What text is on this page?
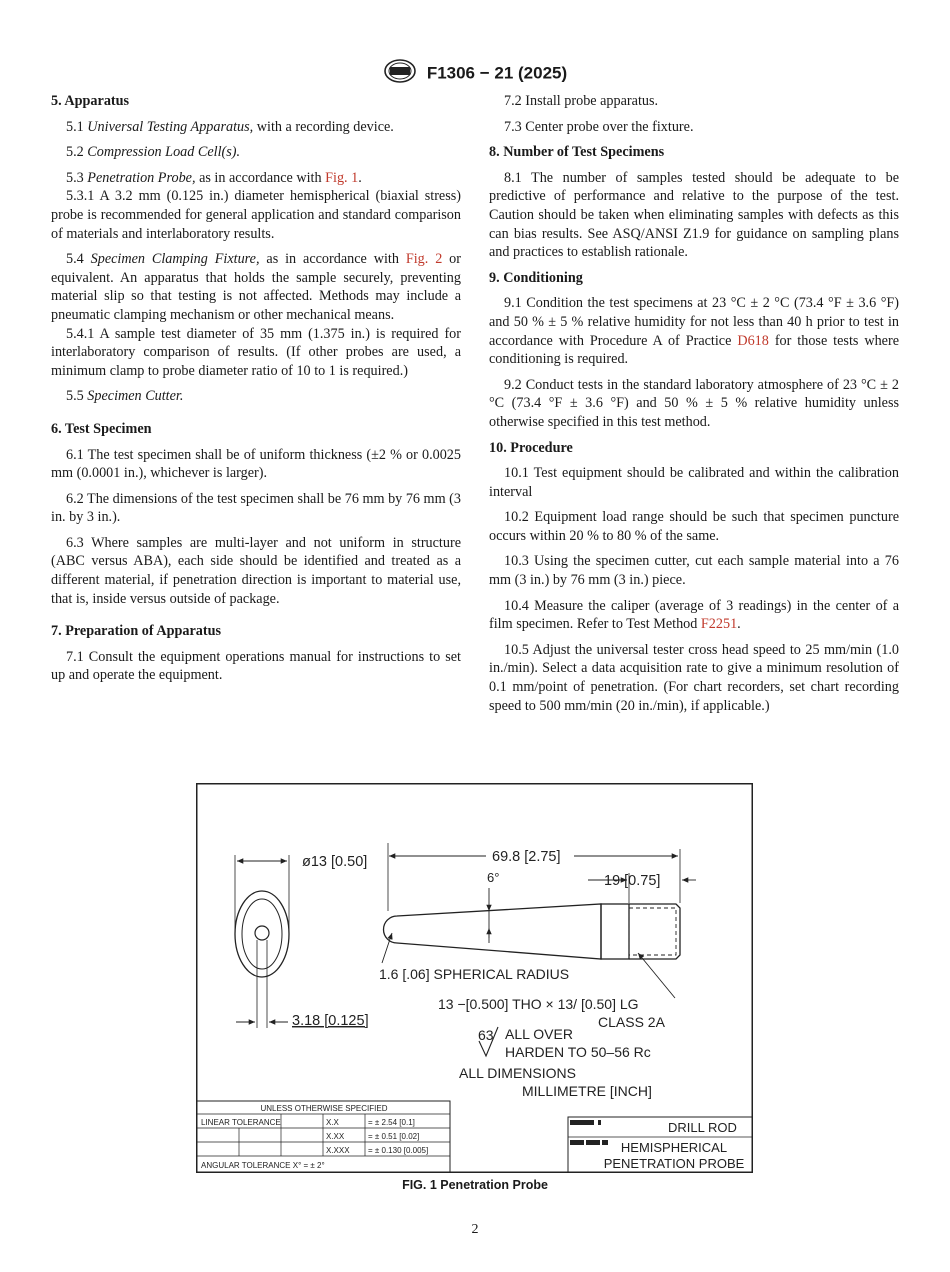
F1306 − 21 (2025)
5. Apparatus
5.1 Universal Testing Apparatus, with a recording device.
5.2 Compression Load Cell(s).
5.3 Penetration Probe, as in accordance with Fig. 1.
5.3.1 A 3.2 mm (0.125 in.) diameter hemispherical (biaxial stress) probe is recommended for general application and standard comparison of materials and interlaboratory results.
5.4 Specimen Clamping Fixture, as in accordance with Fig. 2 or equivalent. An apparatus that holds the sample securely, preventing material slip so that testing is not affected. Methods may include a pneumatic clamping mechanism or other mechanical means.
5.4.1 A sample test diameter of 35 mm (1.375 in.) is required for interlaboratory comparison of results. (If other probes are used, a minimum clamp to probe diameter ratio of 10 to 1 is required.)
5.5 Specimen Cutter.
6. Test Specimen
6.1 The test specimen shall be of uniform thickness (±2 % or 0.0025 mm (0.0001 in.), whichever is larger).
6.2 The dimensions of the test specimen shall be 76 mm by 76 mm (3 in. by 3 in.).
6.3 Where samples are multi-layer and not uniform in structure (ABC versus ABA), each side should be identified and treated as a different material, if penetration direction is important to material use, that is, inside versus outside of package.
7. Preparation of Apparatus
7.1 Consult the equipment operations manual for instructions to set up and operate the equipment.
7.2 Install probe apparatus.
7.3 Center probe over the fixture.
8. Number of Test Specimens
8.1 The number of samples tested should be adequate to be predictive of performance and relative to the purpose of the test. Caution should be taken when eliminating samples with defects as this can bias results. See ASQ/ANSI Z1.9 for guidance on sampling plans and practices to establish rationale.
9. Conditioning
9.1 Condition the test specimens at 23 °C ± 2 °C (73.4 °F ± 3.6 °F) and 50 % ± 5 % relative humidity for not less than 40 h prior to test in accordance with Procedure A of Practice D618 for those tests where conditioning is required.
9.2 Conduct tests in the standard laboratory atmosphere of 23 °C ± 2 °C (73.4 °F ± 3.6 °F) and 50 % ± 5 % relative humidity unless otherwise specified in this test method.
10. Procedure
10.1 Test equipment should be calibrated and within the calibration interval
10.2 Equipment load range should be such that specimen puncture occurs within 20 % to 80 % of the same.
10.3 Using the specimen cutter, cut each sample material into a 76 mm (3 in.) by 76 mm (3 in.) piece.
10.4 Measure the caliper (average of 3 readings) in the center of a film specimen. Refer to Test Method F2251.
10.5 Adjust the universal tester cross head speed to 25 mm/min (1.0 in./min). Select a data acquisition rate to give a minimum resolution of 0.1 mm/point of penetration. (For chart recorders, set chart recording speed to 500 mm/min (20 in./min), if applicable.)
ø13 [0.50]
3.18 [0.125]
69.8 [2.75]
6°	19 [0.75]
1.6 [.06] SPHERICAL RADIUS
13 −[0.500] THO × 13/ [0.50] LG
CLASS 2A
63 ALL OVER
HARDEN TO 50–56 Rc
ALL DIMENSIONS
MILLIMETRE [INCH]
UNLESS OTHERWISE SPECIFIED
LINEAR TOLERANCE	X.X	= ± 2.54 [0.1]
X.XX	= ± 0.51 [0.02]
X.XXX = ± 0.130 [0.005]
ANGULAR TOLERANCE X° = ± 2°
DRILL ROD
HEMISPHERICAL
PENETRATION PROBE
FIG. 1 Penetration Probe
2
